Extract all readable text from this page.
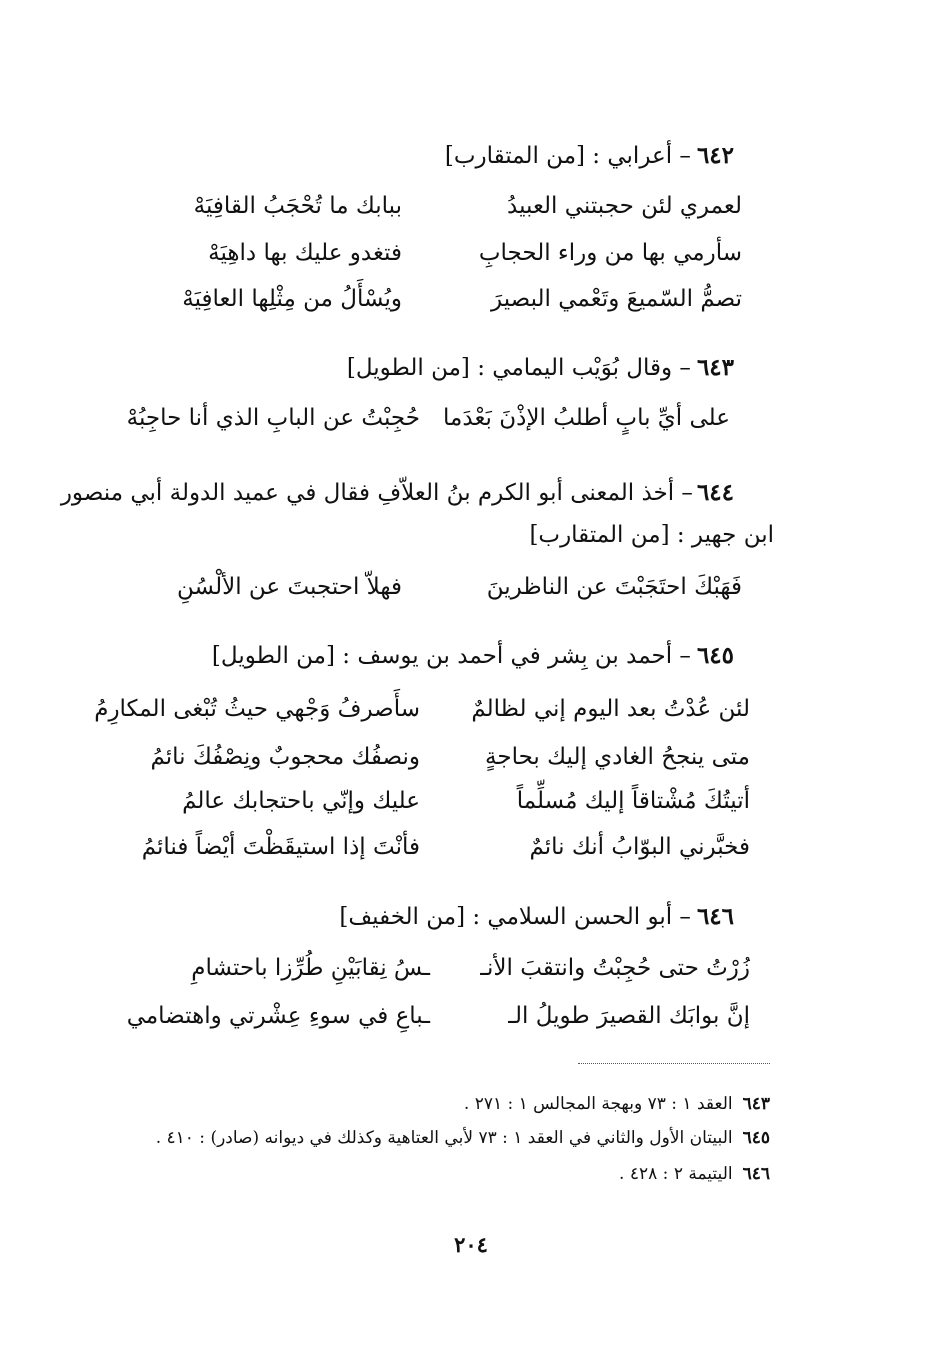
٦٤٢– أعرابي : [من المتقارب]
لعمري لئن حجبتني العبيدُ
ببابك ما تُحْجَبُ القافِيَهْ
سأرمي بها من وراء الحجابِ
فتغدو عليك بها داهِيَهْ
تصمُّ السّميعَ وتَعْمي البصيرَ
ويُسْأَلُ من مِثْلِها العافِيَهْ
٦٤٣– وقال بُوَيْب اليمامي : [من الطويل]
على أيِّ بابٍ أطلبُ الإذْنَ بَعْدَما
حُجِبْتُ عن البابِ الذي أنا حاجِبُهْ
٦٤٤– أخذ المعنى أبو الكرم بنُ العلاّفِ فقال في عميد الدولة أبي منصور
ابن جهير : [من المتقارب]
فَهَبْكَ احتَجَبْتَ عن الناظرينَ
فهلاّ احتجبتَ عن الألْسُنِ
٦٤٥– أحمد بن بِشر في أحمد بن يوسف : [من الطويل]
لئن عُدْتُ بعد اليوم إني لظالمٌ
سأَصرفُ وَجْهي حيثُ تُبْغى المكارِمُ
متى ينجحُ الغادي إليك بحاجةٍ
ونصفُك محجوبٌ ونِصْفُكَ نائمُ
أتيتُكَ مُشْتاقاً إليك مُسلِّماً
عليك وإنّي باحتجابك عالمُ
فخبَّرني البوّابُ أنك نائمٌ
فأنْتَ إذا استيقَظْتَ أيْضاً فنائمُ
٦٤٦– أبو الحسن السلامي : [من الخفيف]
زُرْتُ حتى حُجِبْتُ وانتقبَ الأنـ
ـسُ نِقابَيْنِ طُرِّزا باحتشامِ
إنَّ بوابَك القصيرَ طويلُ الـ
ـباعِ في سوءِ عِشْرتي واهتضامي
٦٤٣العقد ١ : ٧٣ وبهجة المجالس ١ : ٢٧١ .
٦٤٥البيتان الأول والثاني في العقد ١ : ٧٣ لأبي العتاهية وكذلك في ديوانه (صادر) : ٤١٠ .
٦٤٦اليتيمة ٢ : ٤٢٨ .
٢٠٤
